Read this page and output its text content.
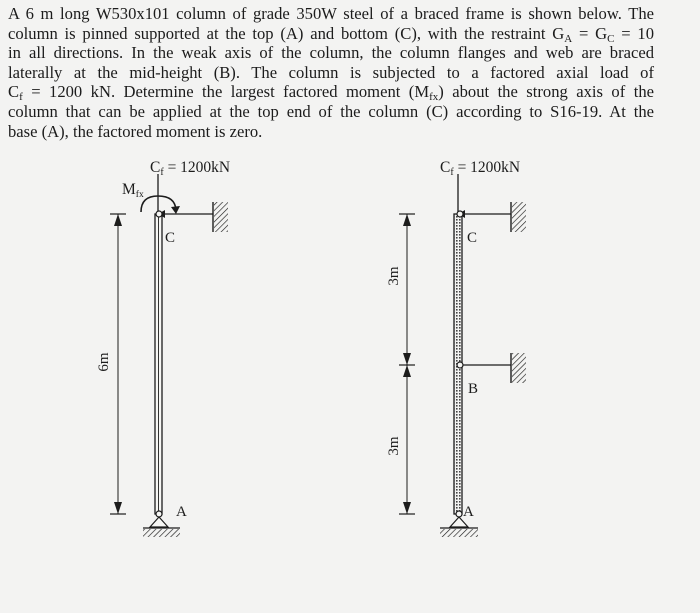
A 6 m long W530x101 column of grade 350W steel of a braced frame is shown below. The
column is pinned supported at the top (A) and bottom (C), with the restraint $G_A = G_C = 10$
in all directions. In the weak axis of the column, the column flanges and web are braced
laterally at the mid-height (B). The column is subjected to a factored axial load of
$C_f = 1200$ kN. Determine the largest factored moment $(M_{fx})$ about the strong axis of the
column that can be applied at the top end of the column (C) according to S16-19. At the
base (A), the factored moment is zero.

Cf = 1200kN
Mfx
C
A
6m
Cf = 1200kN
C
B
A
3m
3m
